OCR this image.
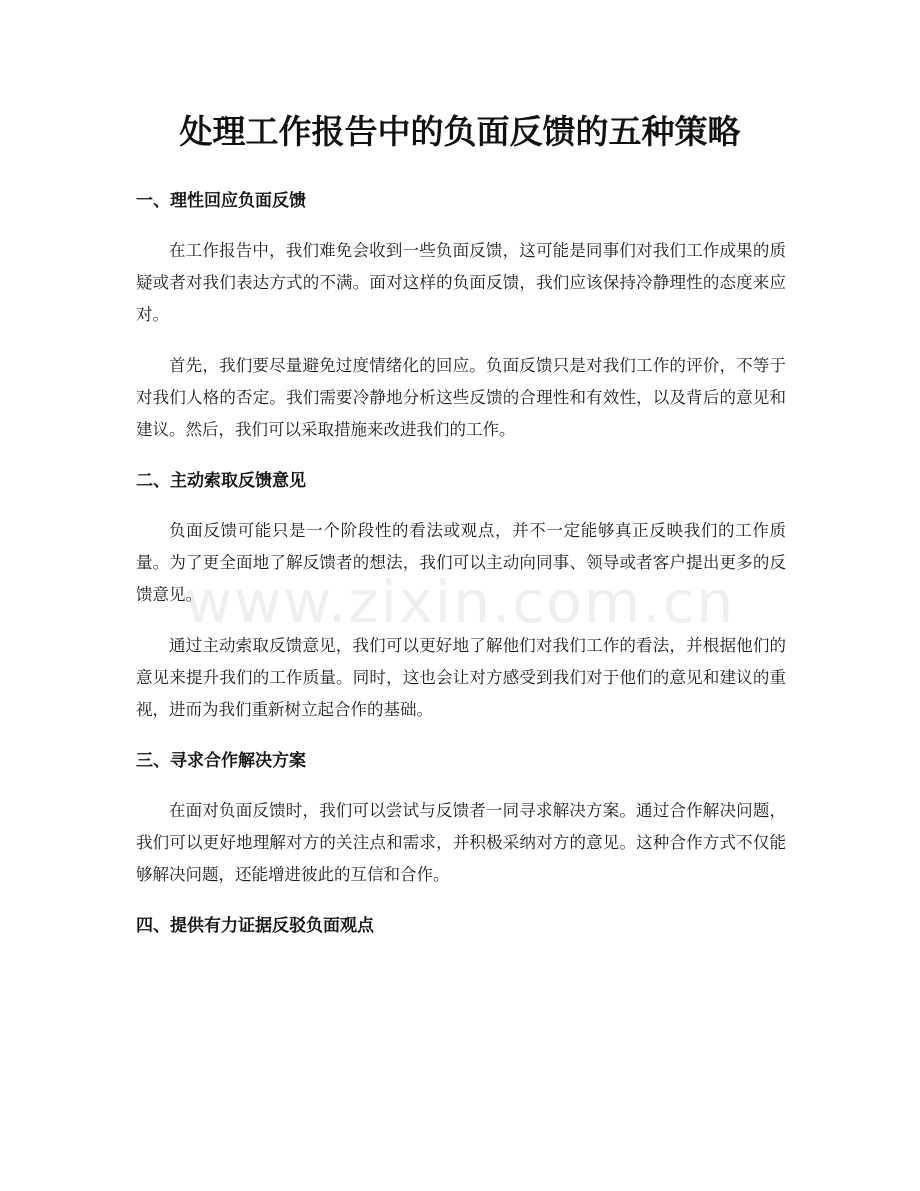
处理工作报告中的负面反馈的五种策略
www.zixin.com.cn
一、理性回应负面反馈

在工作报告中，我们难免会收到一些负面反馈，这可能是同事们对我们工作成果的质疑或者对我们表达方式的不满。面对这样的负面反馈，我们应该保持冷静理性的态度来应对。

首先，我们要尽量避免过度情绪化的回应。负面反馈只是对我们工作的评价，不等于对我们人格的否定。我们需要冷静地分析这些反馈的合理性和有效性，以及背后的意见和建议。然后，我们可以采取措施来改进我们的工作。

二、主动索取反馈意见

负面反馈可能只是一个阶段性的看法或观点，并不一定能够真正反映我们的工作质量。为了更全面地了解反馈者的想法，我们可以主动向同事、领导或者客户提出更多的反馈意见。

通过主动索取反馈意见，我们可以更好地了解他们对我们工作的看法，并根据他们的意见来提升我们的工作质量。同时，这也会让对方感受到我们对于他们的意见和建议的重视，进而为我们重新树立起合作的基础。

三、寻求合作解决方案

在面对负面反馈时，我们可以尝试与反馈者一同寻求解决方案。通过合作解决问题，我们可以更好地理解对方的关注点和需求，并积极采纳对方的意见。这种合作方式不仅能够解决问题，还能增进彼此的互信和合作。

四、提供有力证据反驳负面观点
